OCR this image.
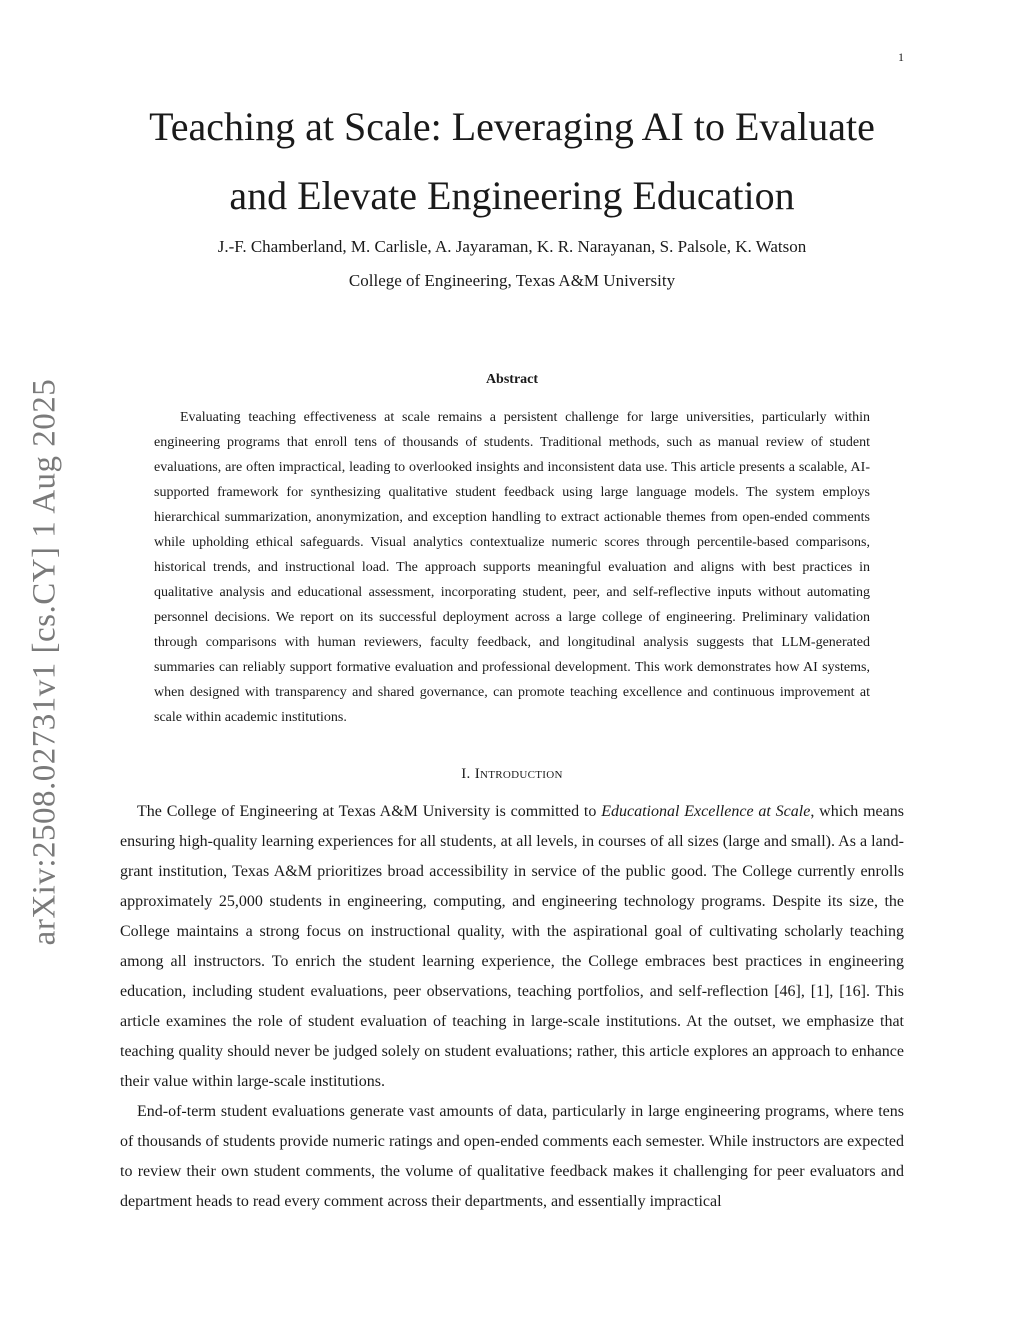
1
arXiv:2508.02731v1 [cs.CY] 1 Aug 2025
Teaching at Scale: Leveraging AI to Evaluate
and Elevate Engineering Education
J.-F. Chamberland, M. Carlisle, A. Jayaraman, K. R. Narayanan, S. Palsole, K. Watson
College of Engineering, Texas A&M University
Abstract

Evaluating teaching effectiveness at scale remains a persistent challenge for large universities, particularly within engineering programs that enroll tens of thousands of students. Traditional methods, such as manual review of student evaluations, are often impractical, leading to overlooked insights and inconsistent data use. This article presents a scalable, AI-supported framework for synthesizing qualitative student feedback using large language models. The system employs hierarchical summarization, anonymization, and exception handling to extract actionable themes from open-ended comments while upholding ethical safeguards. Visual analytics contextualize numeric scores through percentile-based comparisons, historical trends, and instructional load. The approach supports meaningful evaluation and aligns with best practices in qualitative analysis and educational assessment, incorporating student, peer, and self-reflective inputs without automating personnel decisions. We report on its successful deployment across a large college of engineering. Preliminary validation through comparisons with human reviewers, faculty feedback, and longitudinal analysis suggests that LLM-generated summaries can reliably support formative evaluation and professional development. This work demonstrates how AI systems, when designed with transparency and shared governance, can promote teaching excellence and continuous improvement at scale within academic institutions.

I. Introduction

The College of Engineering at Texas A&M University is committed to Educational Excellence at Scale, which means ensuring high-quality learning experiences for all students, at all levels, in courses of all sizes (large and small). As a land-grant institution, Texas A&M prioritizes broad accessibility in service of the public good. The College currently enrolls approximately 25,000 students in engineering, computing, and engineering technology programs. Despite its size, the College maintains a strong focus on instructional quality, with the aspirational goal of cultivating scholarly teaching among all instructors. To enrich the student learning experience, the College embraces best practices in engineering education, including student evaluations, peer observations, teaching portfolios, and self-reflection [46], [1], [16]. This article examines the role of student evaluation of teaching in large-scale institutions. At the outset, we emphasize that teaching quality should never be judged solely on student evaluations; rather, this article explores an approach to enhance their value within large-scale institutions.

End-of-term student evaluations generate vast amounts of data, particularly in large engineering programs, where tens of thousands of students provide numeric ratings and open-ended comments each semester. While instructors are expected to review their own student comments, the volume of qualitative feedback makes it challenging for peer evaluators and department heads to read every comment across their departments, and essentially impractical
